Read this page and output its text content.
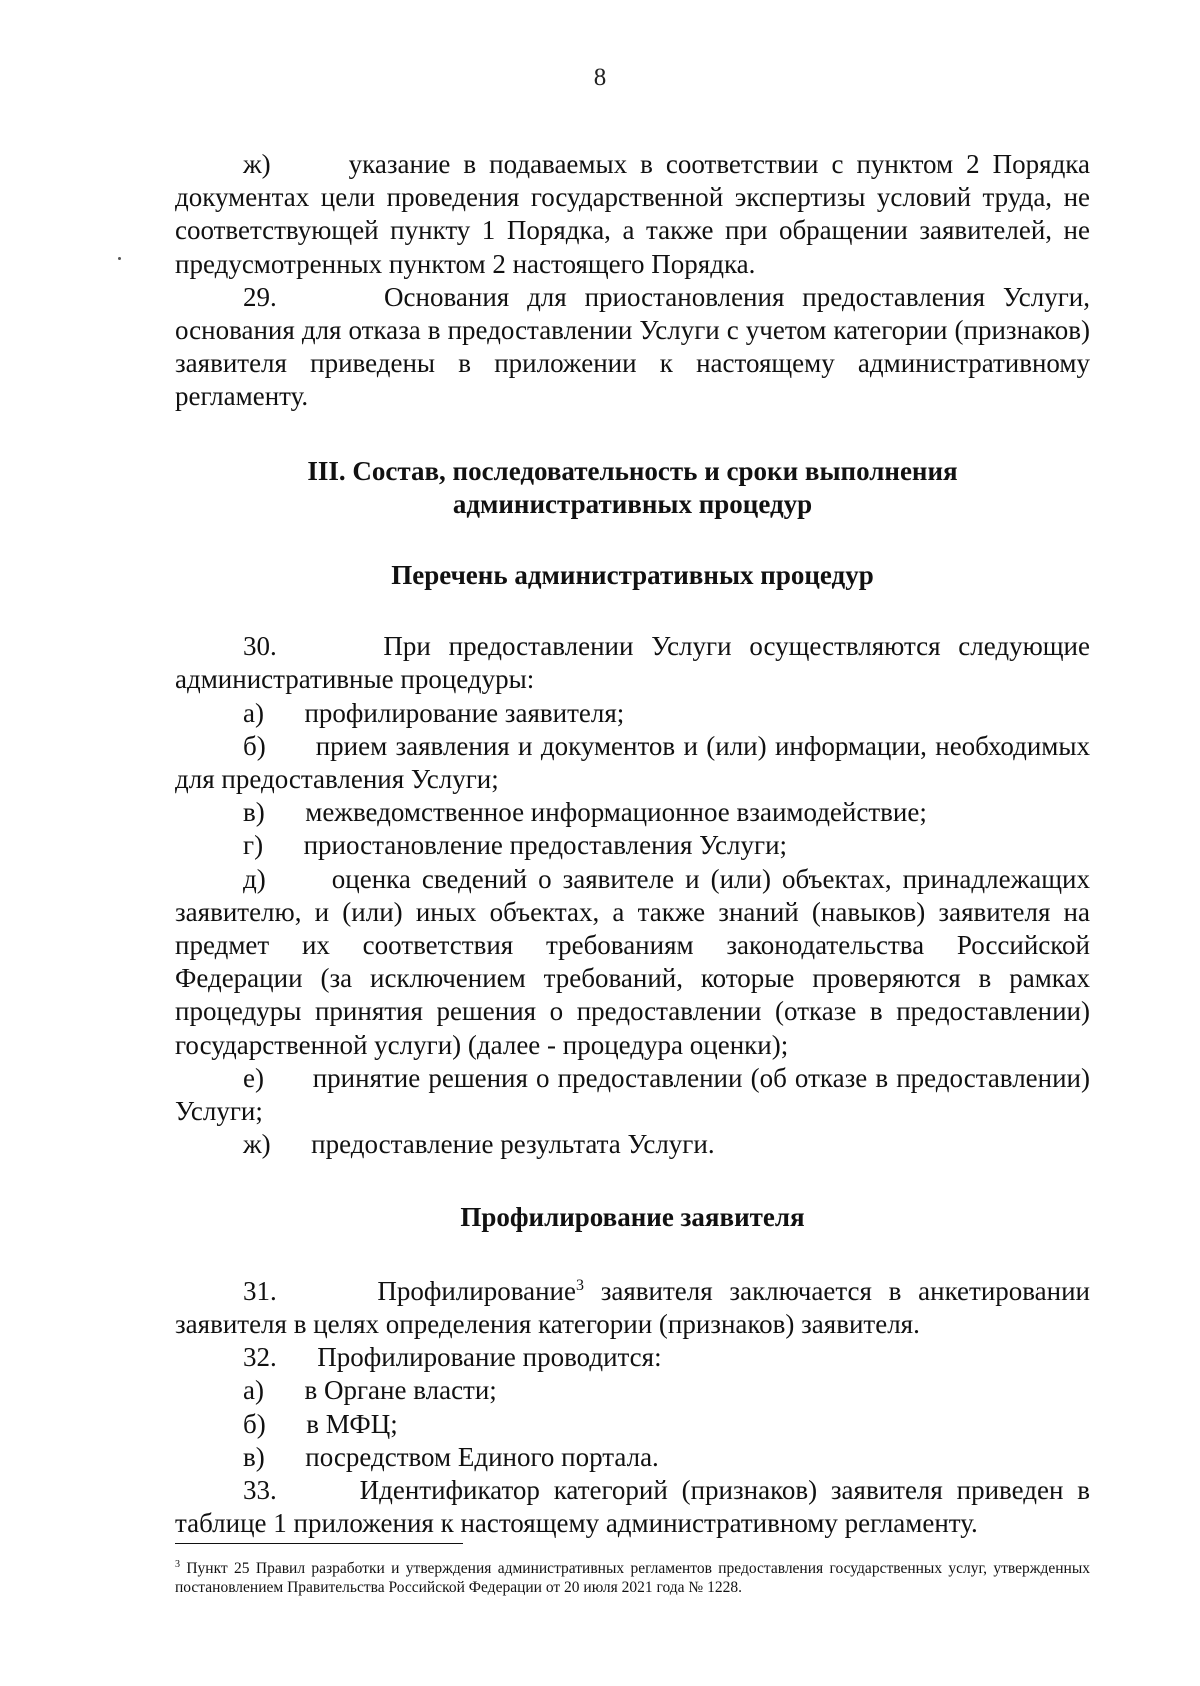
8

ж)      указание в подаваемых в соответствии с пунктом 2 Порядка документах цели проведения государственной экспертизы условий труда, не соответствующей пункту 1 Порядка, а также при обращении заявителей, не предусмотренных пунктом 2 настоящего Порядка.

29.      Основания для приостановления предоставления Услуги, основания для отказа в предоставлении Услуги с учетом категории (признаков) заявителя приведены в приложении к настоящему административному регламенту.

III. Состав, последовательность и сроки выполнения

административных процедур

Перечень административных процедур

30.      При предоставлении Услуги осуществляются следующие административные процедуры:

а)      профилирование заявителя;

б)      прием заявления и документов и (или) информации, необходимых для предоставления Услуги;

в)      межведомственное информационное взаимодействие;

г)      приостановление предоставления Услуги;

д)      оценка сведений о заявителе и (или) объектах, принадлежащих заявителю, и (или) иных объектах, а также знаний (навыков) заявителя на предмет их соответствия требованиям законодательства Российской Федерации (за исключением требований, которые проверяются в рамках процедуры принятия решения о предоставлении (отказе в предоставлении) государственной услуги) (далее - процедура оценки);

е)      принятие решения о предоставлении (об отказе в предоставлении) Услуги;

ж)      предоставление результата Услуги.

Профилирование заявителя

31.      Профилирование$^3$ заявителя заключается в анкетировании заявителя в целях определения категории (признаков) заявителя.

32.      Профилирование проводится:

а)      в Органе власти;

б)      в МФЦ;

в)      посредством Единого портала.

33.      Идентификатор категорий (признаков) заявителя приведен в таблице 1 приложения к настоящему административному регламенту.

$^3$ Пункт 25 Правил разработки и утверждения административных регламентов предоставления государственных услуг, утвержденных постановлением Правительства Российской Федерации от 20 июля 2021 года № 1228.
